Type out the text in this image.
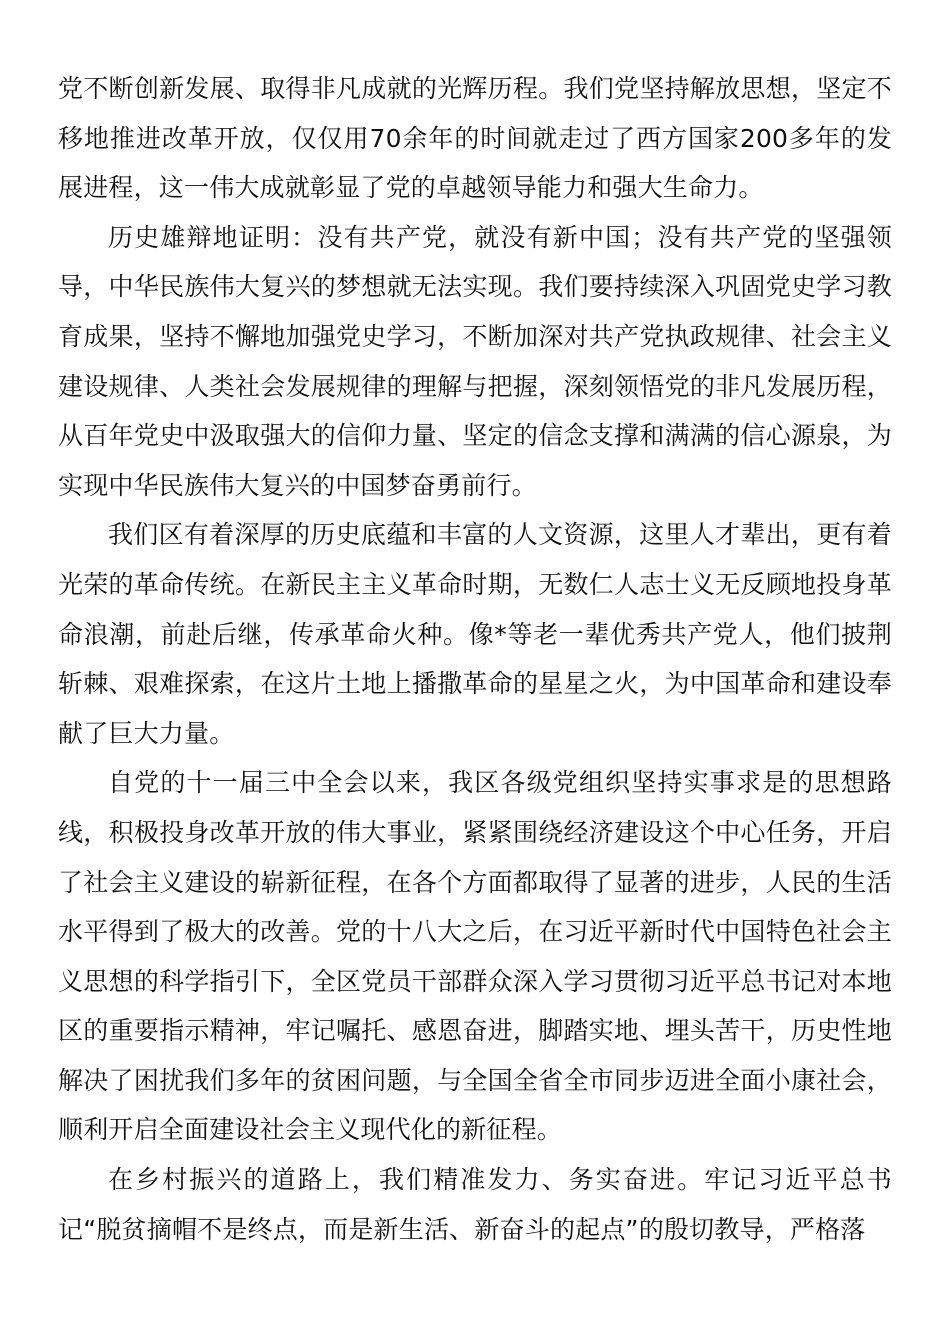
党不断创新发展、取得非凡成就的光辉历程。我们党坚持解放思想，坚定不移地推进改革开放，仅仅用70余年的时间就走过了西方国家200多年的发展进程，这一伟大成就彰显了党的卓越领导能力和强大生命力。

历史雄辩地证明：没有共产党，就没有新中国；没有共产党的坚强领导，中华民族伟大复兴的梦想就无法实现。我们要持续深入巩固党史学习教育成果，坚持不懈地加强党史学习，不断加深对共产党执政规律、社会主义建设规律、人类社会发展规律的理解与把握，深刻领悟党的非凡发展历程，从百年党史中汲取强大的信仰力量、坚定的信念支撑和满满的信心源泉，为实现中华民族伟大复兴的中国梦奋勇前行。

我们区有着深厚的历史底蕴和丰富的人文资源，这里人才辈出，更有着光荣的革命传统。在新民主主义革命时期，无数仁人志士义无反顾地投身革命浪潮，前赴后继，传承革命火种。像*等老一辈优秀共产党人，他们披荆斩棘、艰难探索，在这片土地上播撒革命的星星之火，为中国革命和建设奉献了巨大力量。

自党的十一届三中全会以来，我区各级党组织坚持实事求是的思想路线，积极投身改革开放的伟大事业，紧紧围绕经济建设这个中心任务，开启了社会主义建设的崭新征程，在各个方面都取得了显著的进步，人民的生活水平得到了极大的改善。党的十八大之后，在习近平新时代中国特色社会主义思想的科学指引下，全区党员干部群众深入学习贯彻习近平总书记对本地区的重要指示精神，牢记嘱托、感恩奋进，脚踏实地、埋头苦干，历史性地解决了困扰我们多年的贫困问题，与全国全省全市同步迈进全面小康社会，顺利开启全面建设社会主义现代化的新征程。

在乡村振兴的道路上，我们精准发力、务实奋进。牢记习近平总书记“脱贫摘帽不是终点，而是新生活、新奋斗的起点”的殷切教导，严格落
